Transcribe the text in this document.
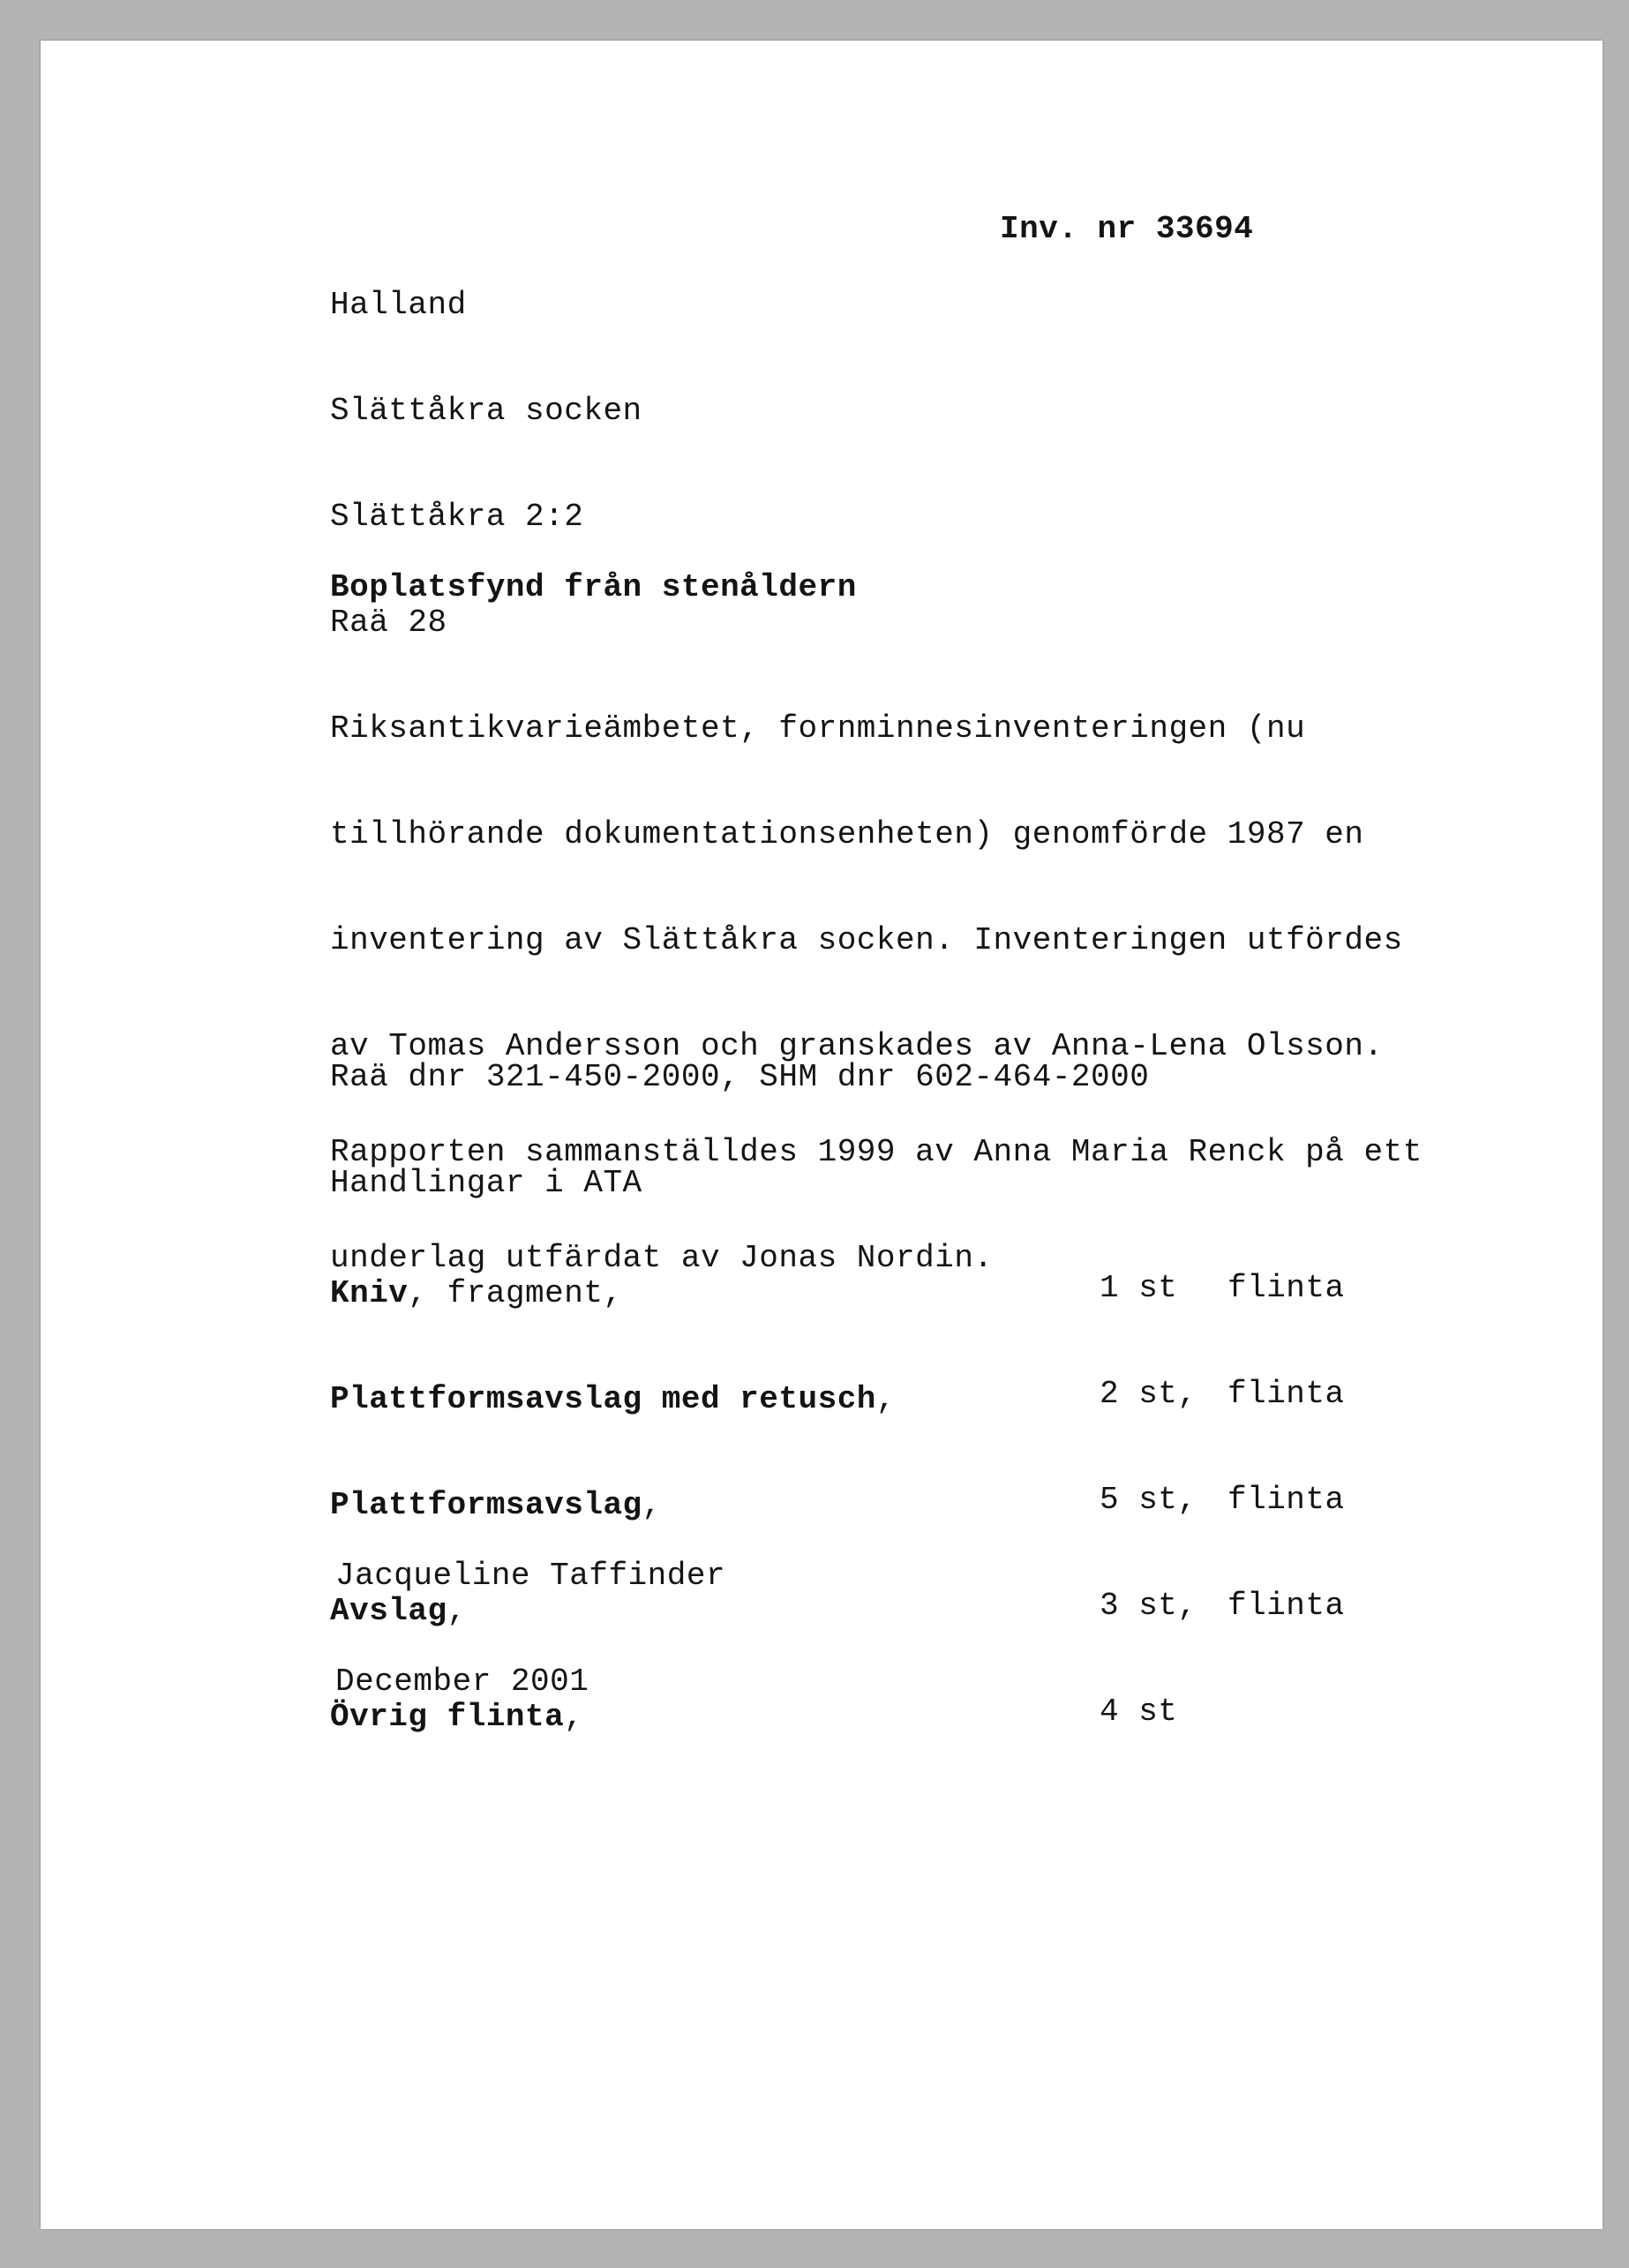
Halland

Slättåkra socken

Slättåkra 2:2

Raä 28

Inv. nr 33694
Boplatsfynd från stenåldern

Riksantikvarieämbetet, fornminnesinventeringen (nu

tillhörande dokumentationsenheten) genomförde 1987 en

inventering av Slättåkra socken. Inventeringen utfördes

av Tomas Andersson och granskades av Anna-Lena Olsson.

Rapporten sammanställdes 1999 av Anna Maria Renck på ett

underlag utfärdat av Jonas Nordin.

Raä dnr 321-450-2000, SHM dnr 602-464-2000

Handlingar i ATA

Kniv, fragment,

Plattformsavslag med retusch,

Plattformsavslag,

Avslag,

Övrig flinta,

1 st

2 st,

5 st,

3 st,

4 st

flinta

flinta

flinta

flinta

Jacqueline Taffinder

December 2001
